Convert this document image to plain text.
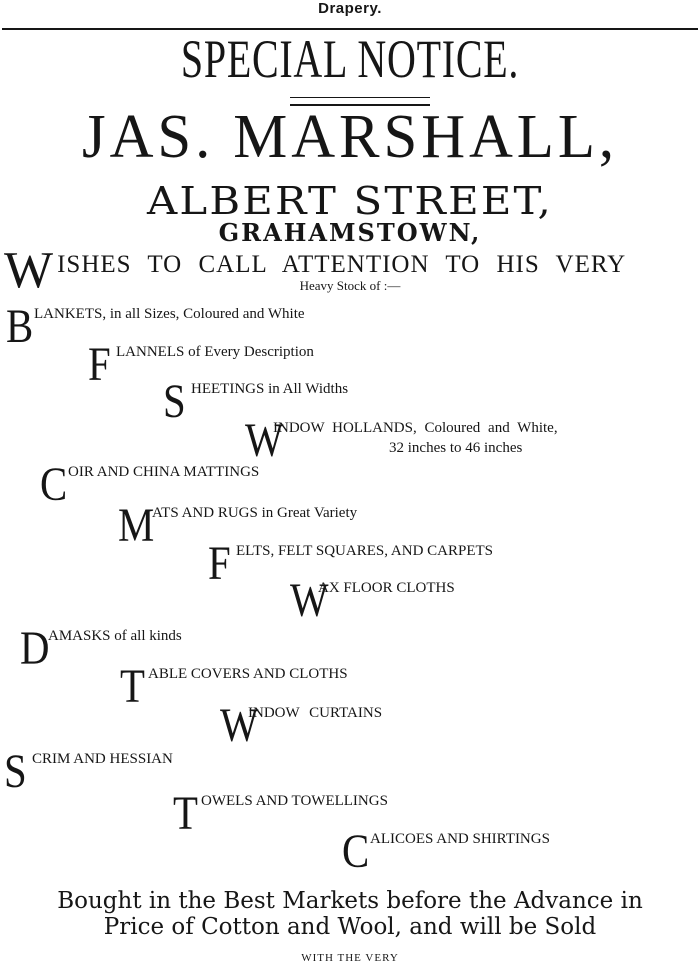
Drapery.
SPECIAL NOTICE.
JAS. MARSHALL,
ALBERT STREET,
GRAHAMSTOWN,
W ISHES TO CALL ATTENTION TO HIS VERY
Heavy Stock of :—
B LANKETS, in all Sizes, Coloured and White
F LANNELS of Every Description
S HEETINGS in All Widths
W
INDOW HOLLANDS, Coloured and White,
32 inches to 46 inches
C OIR AND CHINA MATTINGS
M
ATS AND RUGS in Great Variety
F ELTS, FELT SQUARES, AND CARPETS
W
AX FLOOR CLOTHS
D
AMASKS of all kinds
T ABLE COVERS AND CLOTHS
W
INDOW CURTAINS
S CRIM AND HESSIAN
T OWELS AND TOWELLINGS
C ALICOES AND SHIRTINGS
Bought in the Best Markets before the Advance in
Price of Cotton and Wool, and will be Sold
WITH THE VERY
